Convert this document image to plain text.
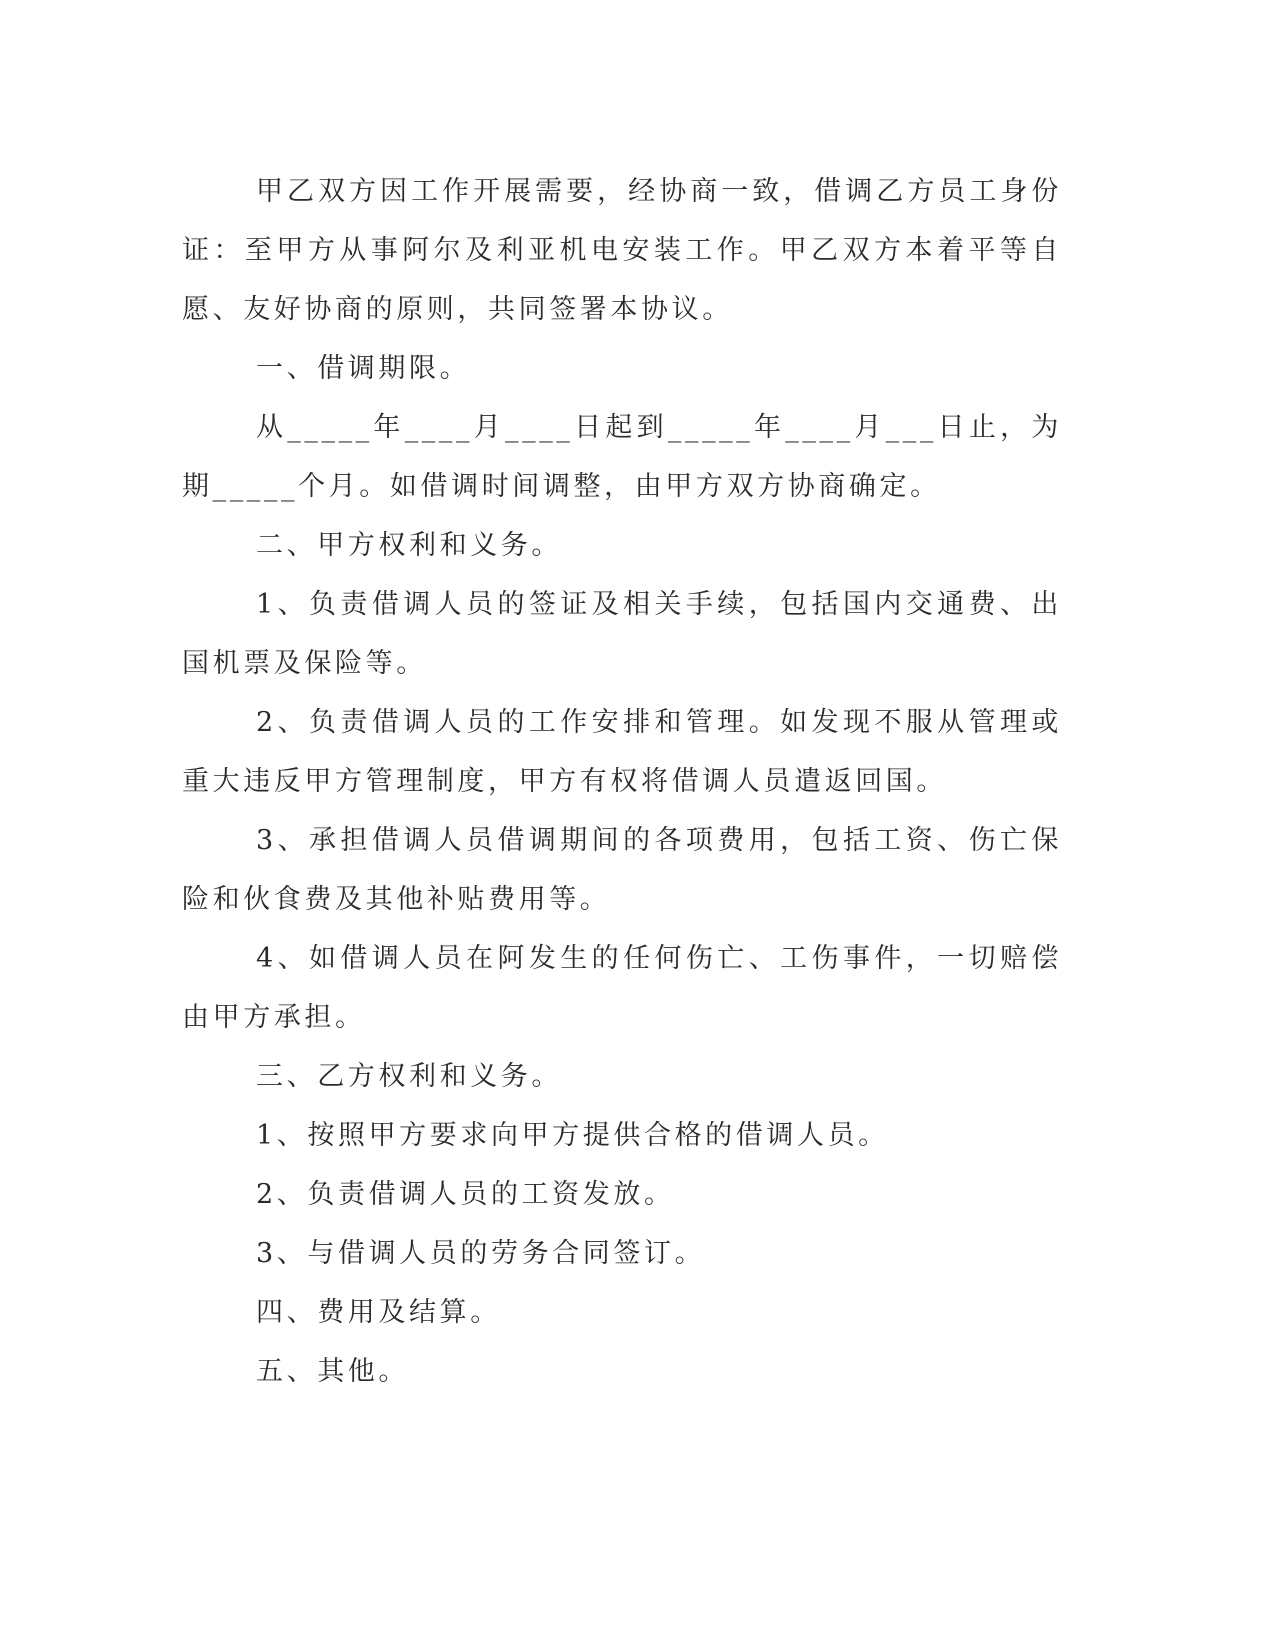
甲乙双方因工作开展需要，经协商一致，借调乙方员工身份证：至甲方从事阿尔及利亚机电安装工作。甲乙双方本着平等自愿、友好协商的原则，共同签署本协议。

一、借调期限。

从_____年____月____日起到_____年____月___日止，为期_____个月。如借调时间调整，由甲方双方协商确定。

二、甲方权利和义务。

1、负责借调人员的签证及相关手续，包括国内交通费、出国机票及保险等。

2、负责借调人员的工作安排和管理。如发现不服从管理或重大违反甲方管理制度，甲方有权将借调人员遣返回国。

3、承担借调人员借调期间的各项费用，包括工资、伤亡保险和伙食费及其他补贴费用等。

4、如借调人员在阿发生的任何伤亡、工伤事件，一切赔偿由甲方承担。

三、乙方权利和义务。

1、按照甲方要求向甲方提供合格的借调人员。

2、负责借调人员的工资发放。

3、与借调人员的劳务合同签订。

四、费用及结算。

五、其他。
